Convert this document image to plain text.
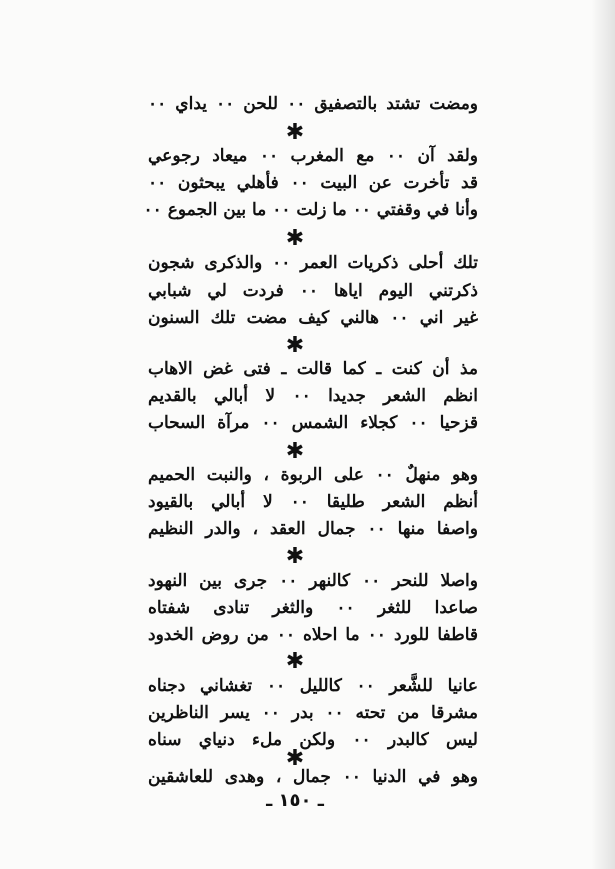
ومضت تشتد بالتصفيق ‎٠٠‎ للحن ‎٠٠‎ يداي ‎٠٠
✱
ولقد آن ‎٠٠‎ مع المغرب ‎٠٠‎ ميعاد رجوعي
قد تأخرت عن البيت ‎٠٠‎ فأهلي يبحثون ‎٠٠
وأنا في وقفتي ‎٠٠‎ ما زلت ‎٠٠‎ ما بين الجموع ‎٠٠
✱
تلك أحلى ذكريات العمر ‎٠٠‎ والذكرى شجون
ذكرتني اليوم اياها ‎٠٠‎ فردت لي شبابي
غير اني ‎٠٠‎ هالني كيف مضت تلك السنون
✱
مذ أن كنت ـ كما قالت ـ فتى غض الاهاب
انظم الشعر جديدا ‎٠٠‎ لا أبالي بالقديم
قزحيا ‎٠٠‎ كجلاء الشمس ‎٠٠‎ مرآة السحاب
✱
وهو منهلٌ ‎٠٠‎ على الربوة ، والنبت الحميم
أنظم الشعر طليقا ‎٠٠‎ لا أبالي بالقيود
واصفا منها ‎٠٠‎ جمال العقد ، والدر النظيم
✱
واصلا للنحر ‎٠٠‎ كالنهر ‎٠٠‎ جرى بين النهود
صاعدا للثغر ‎٠٠‎ والثغر تنادى شفتاه
قاطفا للورد ‎٠٠‎ ما احلاه ‎٠٠‎ من روض الخدود
✱
عانيا للشَّعر ‎٠٠‎ كالليل ‎٠٠‎ تغشاني دجناه
مشرقا من تحته ‎٠٠‎ بدر ‎٠٠‎ يسر الناظرين
ليس كالبدر ‎٠٠‎ ولكن ملء دنياي سناه
✱
وهو في الدنيا ‎٠٠‎ جمال ، وهدى للعاشقين
ـ ١٥٠ ـ
